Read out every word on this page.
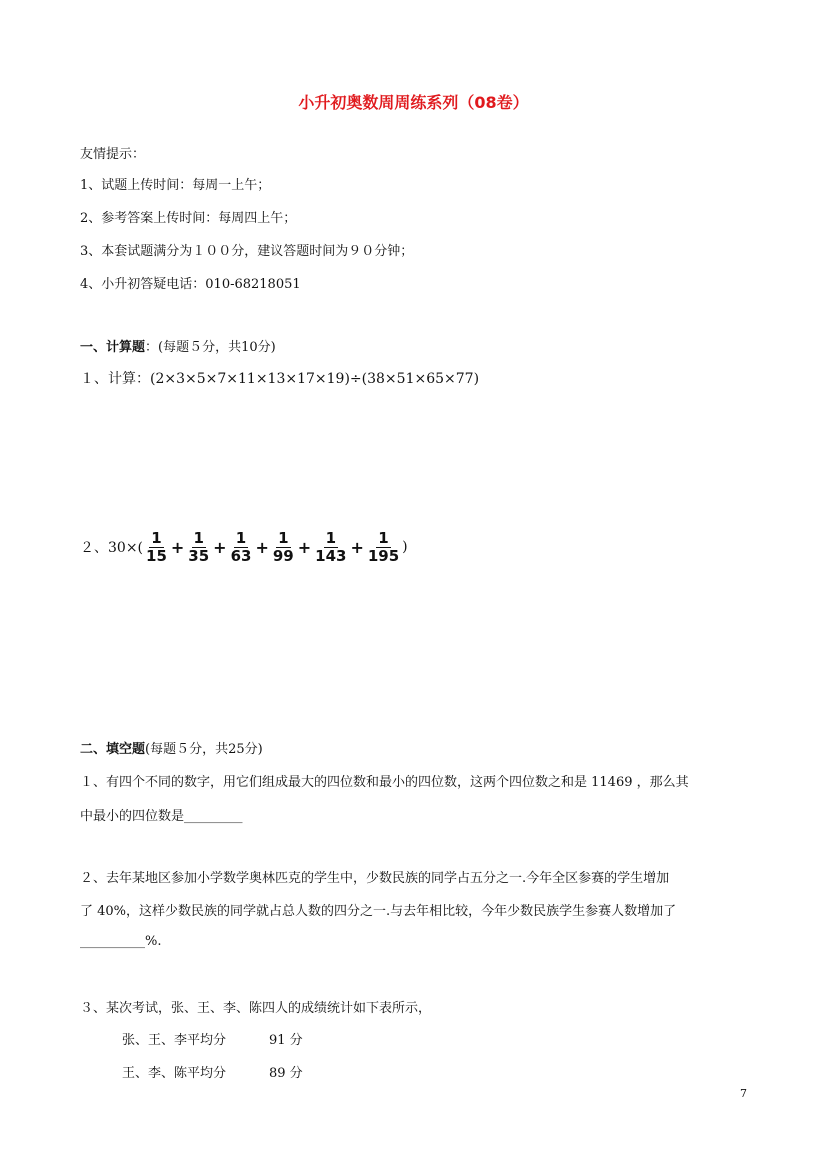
小升初奥数周周练系列（08卷）
友情提示：
1、试题上传时间：每周一上午；
2、参考答案上传时间：每周四上午；
3、本套试题满分为１００分，建议答题时间为９０分钟；
4、小升初答疑电话：010-68218051
一、计算题：(每题５分，共10分)
１、计算：(2×3×5×7×11×13×17×19)÷(38×51×65×77)
２、$30\times( \frac{1}{15} + \frac{1}{35} + \frac{1}{63} + \frac{1}{99} + \frac{1}{143} + \frac{1}{195}$ )
二、填空题(每题５分，共25分)
１、有四个不同的数字，用它们组成最大的四位数和最小的四位数，这两个四位数之和是 11469 ，那么其
中最小的四位数是_________
２、去年某地区参加小学数学奥林匹克的学生中，少数民族的同学占五分之一.今年全区参赛的学生增加
了 40%，这样少数民族的同学就占总人数的四分之一.与去年相比较，今年少数民族学生参赛人数增加了
__________%.
３、某次考试，张、王、李、陈四人的成绩统计如下表所示，
张、王、李平均分	91 分
王、李、陈平均分	89 分
7
